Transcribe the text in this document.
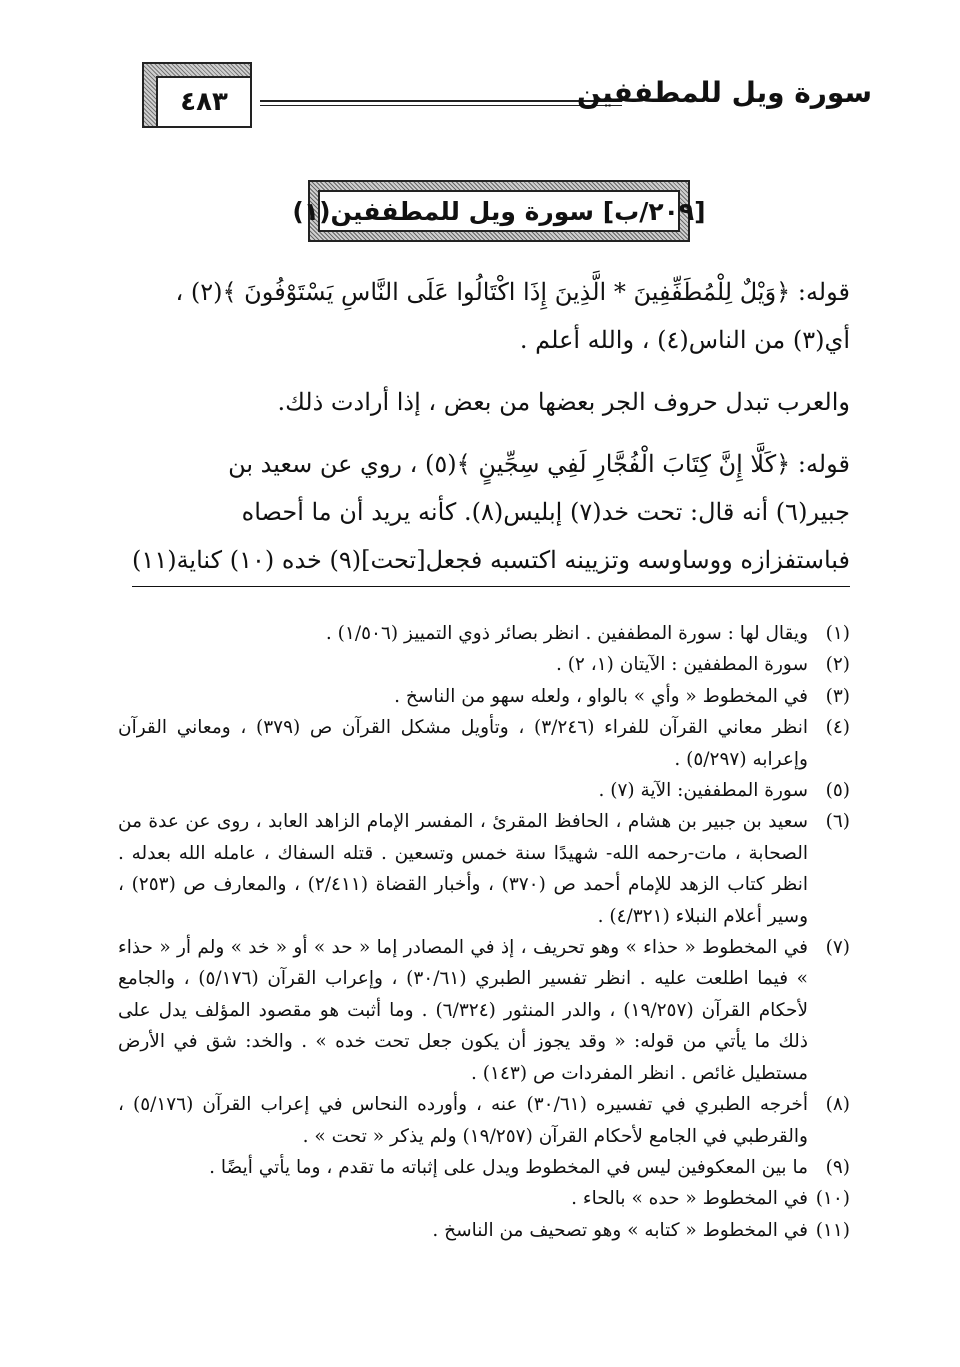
٤٨٣	سورة ويل للمطففين
[٢٠٩/ب] سورة ويل للمطففين(١)

قوله: ﴿وَيْلٌ لِلْمُطَفِّفِينَ * الَّذِينَ إِذَا اكْتَالُوا عَلَى النَّاسِ يَسْتَوْفُونَ ﴾(٢) ،

أي(٣) من الناس(٤) ، والله أعلم .

والعرب تبدل حروف الجر بعضها من بعض ، إذا أرادت ذلك.

قوله: ﴿كَلَّا إِنَّ كِتَابَ الْفُجَّارِ لَفِي سِجِّينٍ ﴾(٥) ، روي عن سعيد بن

جبير(٦) أنه قال: تحت خد(٧) إبليس(٨). كأنه يريد أن ما أحصاه

فباستفزازه ووساوسه وتزيينه اكتسبه فجعل[تحت](٩) خده (١٠) كناية(١١)

(١)
ويقال لها : سورة المطففين . انظر بصائر ذوي التمييز (١/٥٠٦) .
(٢)
سورة المطففين : الآيتان (١، ٢) .
(٣)
في المخطوط « وأي » بالواو ، ولعله سهو من الناسخ .
(٤)
انظر معاني القرآن للفراء (٣/٢٤٦) ، وتأويل مشكل القرآن ص (٣٧٩) ، ومعاني القرآن وإعرابه (٥/٢٩٧) .
(٥)
سورة المطففين: الآية (٧) .
(٦)
سعيد بن جبير بن هشام ، الحافظ المقرئ ، المفسر الإمام الزاهد العابد ، روى عن عدة من الصحابة ، مات-رحمه الله- شهيدًا سنة خمس وتسعين . قتله السفاك ، عامله الله بعدله . انظر كتاب الزهد للإمام أحمد ص (٣٧٠) ، وأخبار القضاة (٢/٤١١) ، والمعارف ص (٢٥٣) ، وسير أعلام النبلاء (٤/٣٢١) .
(٧)
في المخطوط « حذاء » وهو تحريف ، إذ في المصادر إما « حد » أو « خد » ولم أر « حذاء » فيما اطلعت عليه . انظر تفسير الطبري (٣٠/٦١) ، وإعراب القرآن (٥/١٧٦) ، والجامع لأحكام القرآن (١٩/٢٥٧) ، والدر المنثور (٦/٣٢٤) . وما أثبت هو مقصود المؤلف يدل على ذلك ما يأتي من قوله: « وقد يجوز أن يكون جعل تحت خده » . والخد: شق في الأرض مستطيل غائص . انظر المفردات ص (١٤٣) .
(٨)
أخرجه الطبري في تفسيره (٣٠/٦١) عنه ، وأورده النحاس في إعراب القرآن (٥/١٧٦) ، والقرطبي في الجامع لأحكام القرآن (١٩/٢٥٧) ولم يذكر « تحت » .
(٩)
ما بين المعكوفين ليس في المخطوط ويدل على إثباته ما تقدم ، وما يأتي أيضًا .
(١٠)
في المخطوط « حده » بالحاء .
(١١)
في المخطوط « كتابه » وهو تصحيف من الناسخ .
